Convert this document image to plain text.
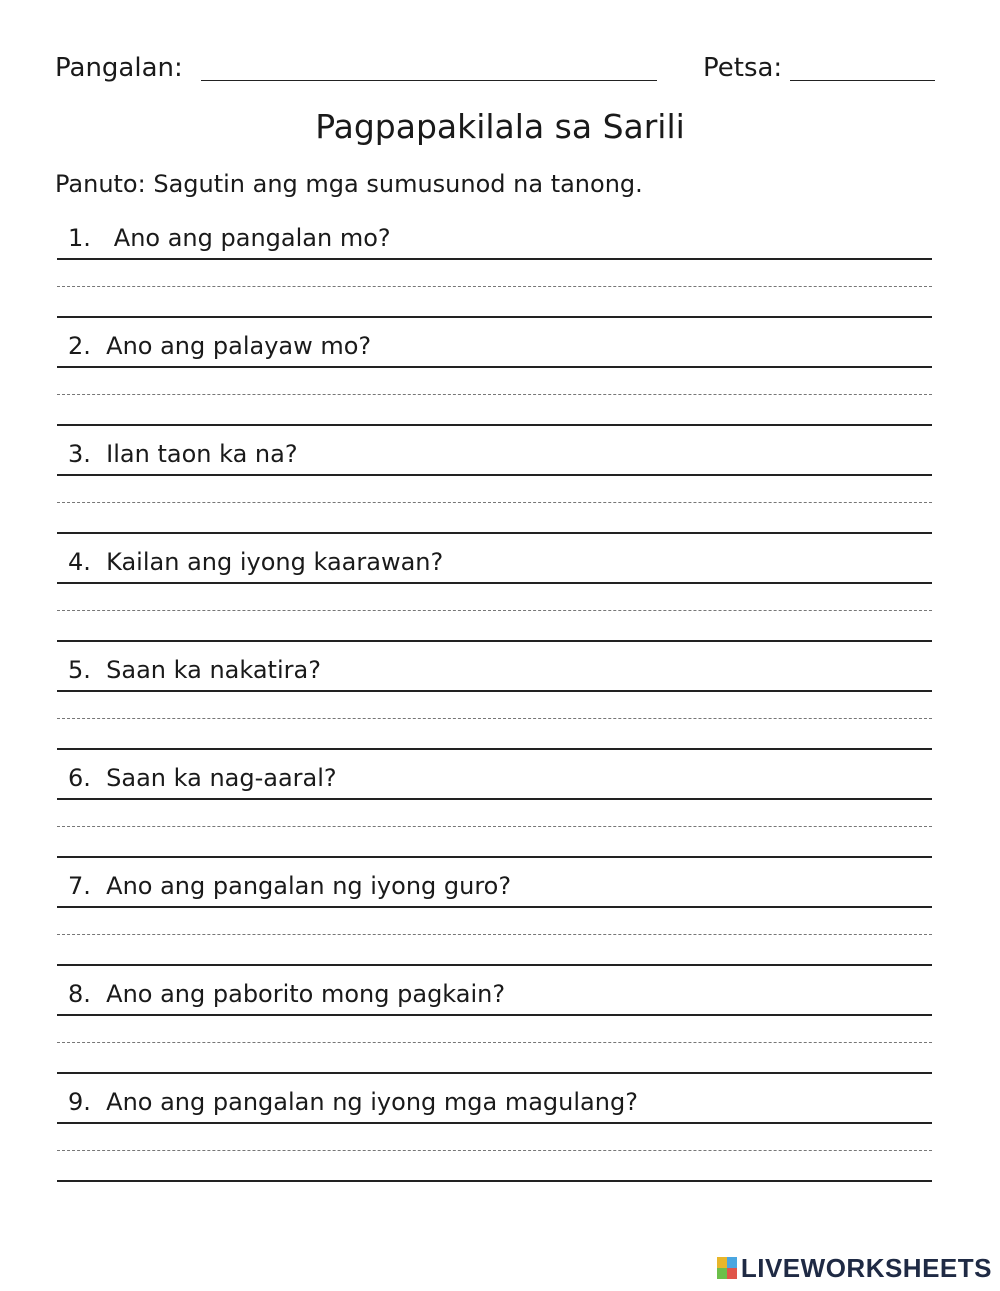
Pangalan:	Petsa:
Pagpapakilala sa Sarili
Panuto: Sagutin ang mga sumusunod na tanong.
1.   Ano ang pangalan mo?
2.  Ano ang palayaw mo?
3.  Ilan taon ka na?
4.  Kailan ang iyong kaarawan?
5.  Saan ka nakatira?
6.  Saan ka nag-aaral?
7.  Ano ang pangalan ng iyong guro?
8.  Ano ang paborito mong pagkain?
9.  Ano ang pangalan ng iyong mga magulang?
LIVEWORKSHEETS
